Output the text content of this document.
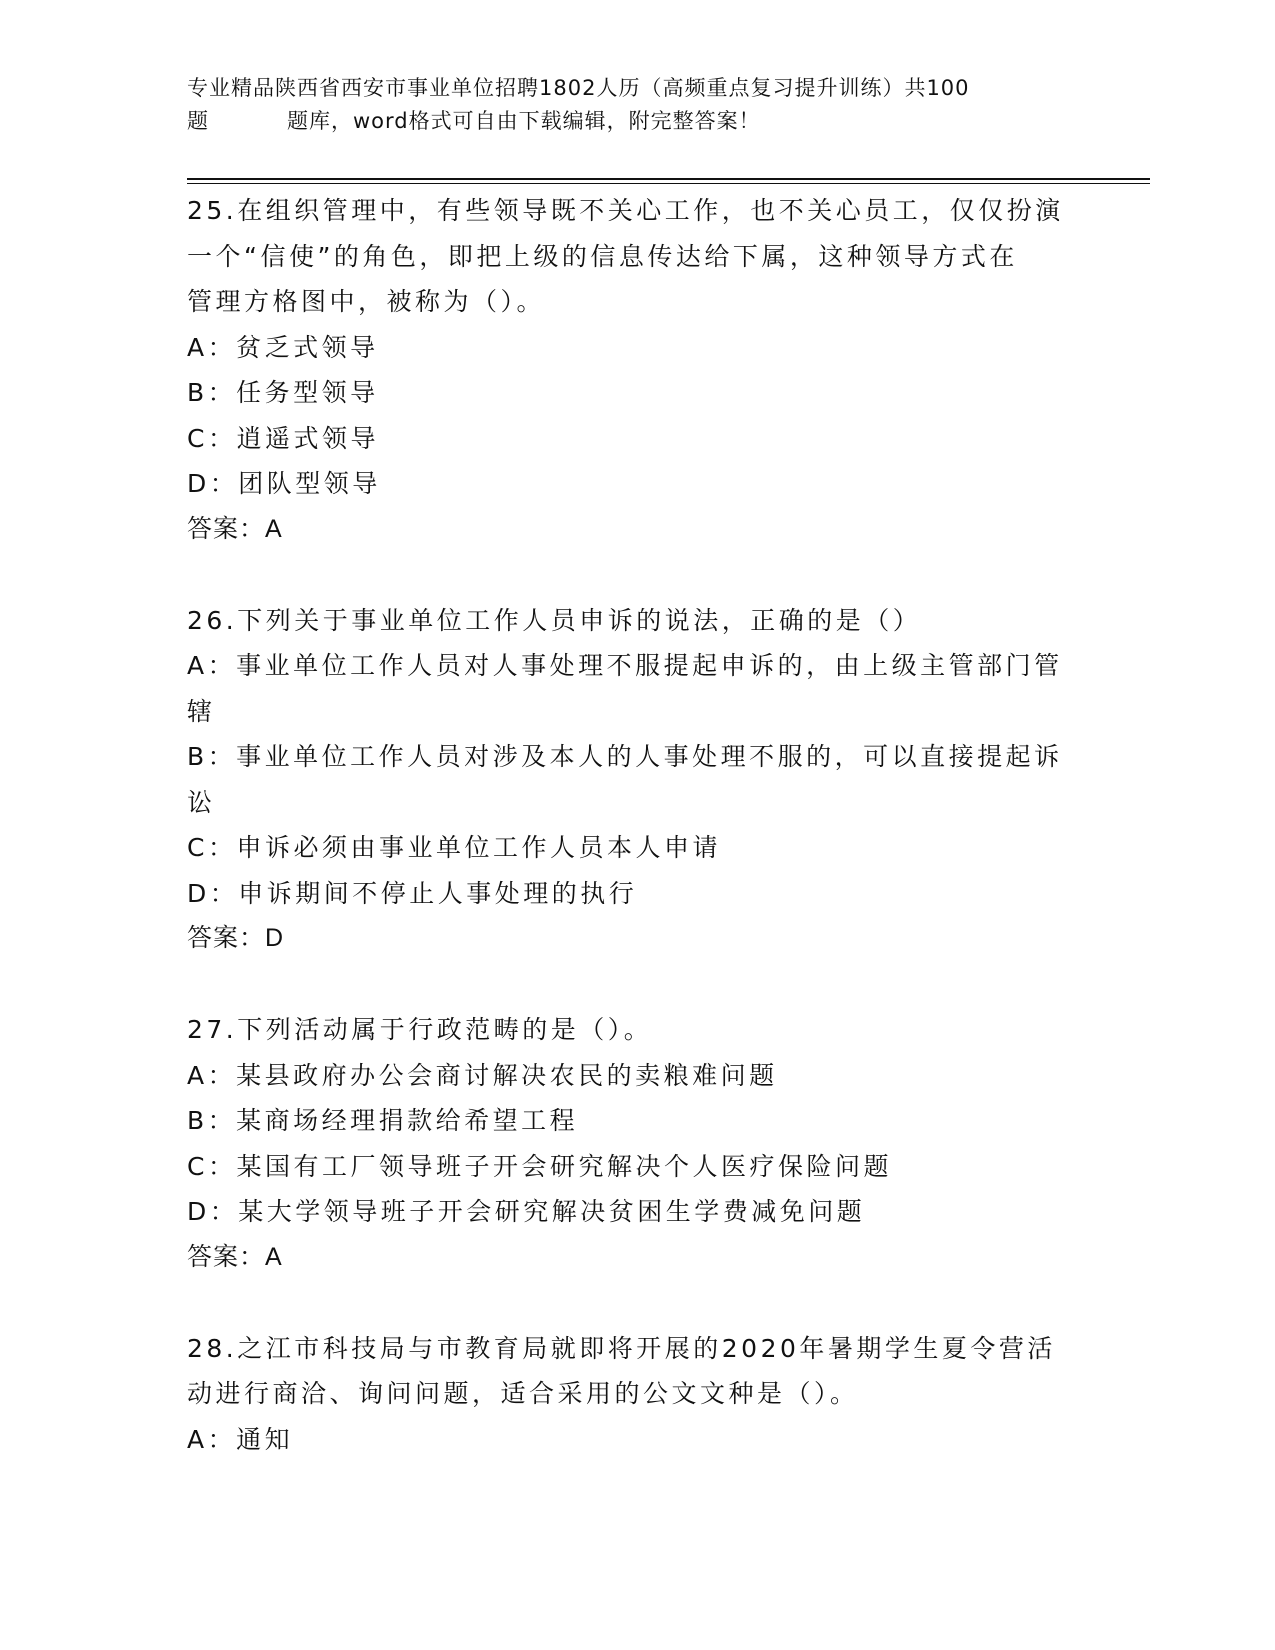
专业精品陕西省西安市事业单位招聘1802人历（高频重点复习提升训练）共100
题	题库，word格式可自由下载编辑，附完整答案！
25.在组织管理中，有些领导既不关心工作，也不关心员工，仅仅扮演
一个“信使”的角色，即把上级的信息传达给下属，这种领导方式在
管理方格图中，被称为（）。
A：贫乏式领导
B：任务型领导
C：逍遥式领导
D：团队型领导
答案：A
26.下列关于事业单位工作人员申诉的说法，正确的是（）
A：事业单位工作人员对人事处理不服提起申诉的，由上级主管部门管
辖
B：事业单位工作人员对涉及本人的人事处理不服的，可以直接提起诉
讼
C：申诉必须由事业单位工作人员本人申请
D：申诉期间不停止人事处理的执行
答案：D
27.下列活动属于行政范畴的是（）。
A：某县政府办公会商讨解决农民的卖粮难问题
B：某商场经理捐款给希望工程
C：某国有工厂领导班子开会研究解决个人医疗保险问题
D：某大学领导班子开会研究解决贫困生学费减免问题
答案：A
28.之江市科技局与市教育局就即将开展的2020年暑期学生夏令营活
动进行商洽、询问问题，适合采用的公文文种是（）。
A：通知
